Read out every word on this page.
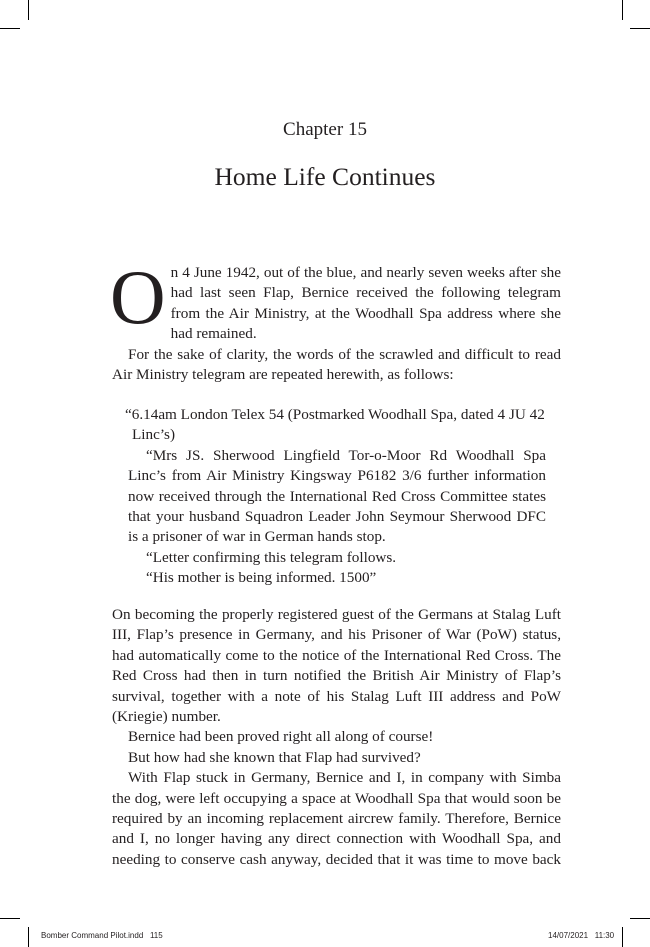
Chapter 15
Home Life Continues

On 4 June 1942, out of the blue, and nearly seven weeks after she had last seen Flap, Bernice received the following telegram from the Air Ministry, at the Woodhall Spa address where she had remained.

For the sake of clarity, the words of the scrawled and difficult to read Air Ministry telegram are repeated herewith, as follows:

“6.14am London Telex 54 (Postmarked Woodhall Spa, dated 4 JU 42 Linc’s)

“Mrs JS. Sherwood Lingfield Tor-o-Moor Rd Woodhall Spa Linc’s from Air Ministry Kingsway P6182 3/6 further information now received through the International Red Cross Committee states that your husband Squadron Leader John Seymour Sherwood DFC is a prisoner of war in German hands stop.

“Letter confirming this telegram follows.

“His mother is being informed. 1500”

On becoming the properly registered guest of the Germans at Stalag Luft III, Flap’s presence in Germany, and his Prisoner of War (PoW) status, had automatically come to the notice of the International Red Cross. The Red Cross had then in turn notified the British Air Ministry of Flap’s survival, together with a note of his Stalag Luft III address and PoW (Kriegie) number.

Bernice had been proved right all along of course!

But how had she known that Flap had survived?

With Flap stuck in Germany, Bernice and I, in company with Simba the dog, were left occupying a space at Woodhall Spa that would soon be required by an incoming replacement aircrew family. Therefore, Bernice and I, no longer having any direct connection with Woodhall Spa, and needing to conserve cash anyway, decided that it was time to move back

Bomber Command Pilot.indd   115	14/07/2021   11:30
